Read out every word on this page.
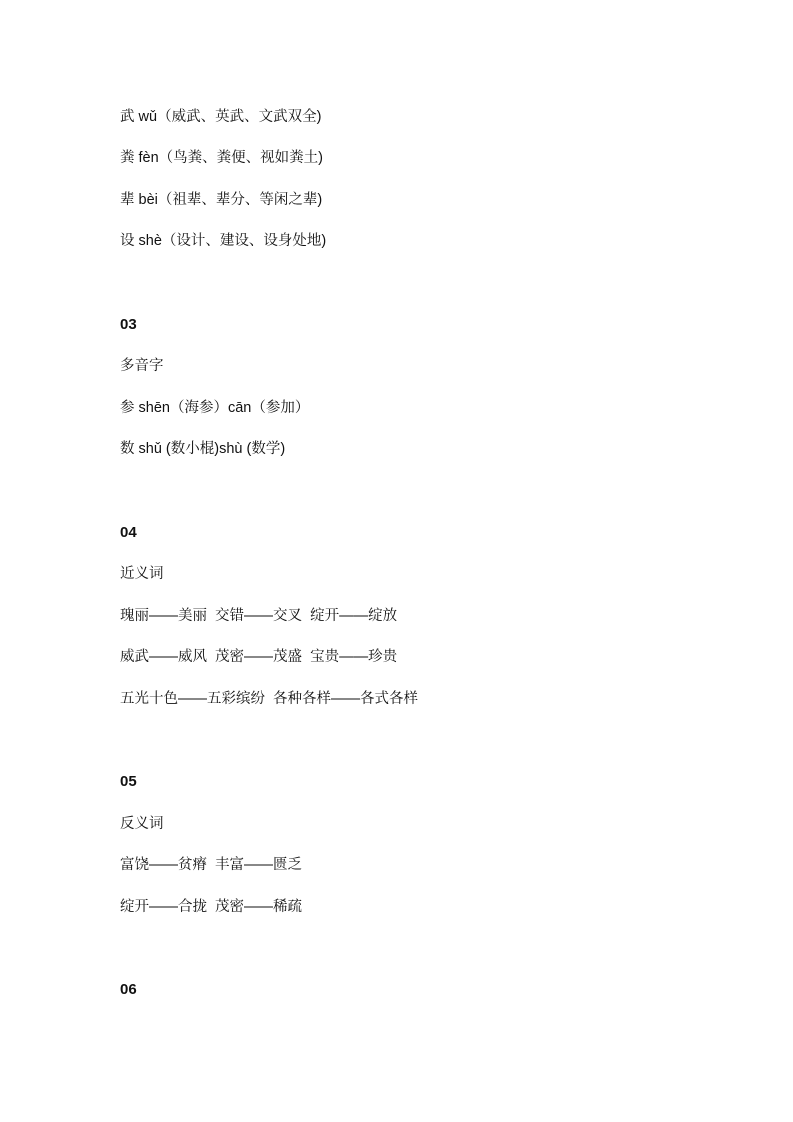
武 wǔ（威武、英武、文武双全)
粪 fèn（鸟粪、粪便、视如粪土)
辈 bèi（祖辈、辈分、等闲之辈)
设 shè（设计、建设、设身处地)
03
多音字
参 shēn（海参）cān（参加）
数 shǔ (数小棍)shù (数学)
04
近义词
瑰丽——美丽  交错——交叉  绽开——绽放
威武——威风  茂密——茂盛  宝贵——珍贵
五光十色——五彩缤纷  各种各样——各式各样
05
反义词
富饶——贫瘠  丰富——匮乏
绽开——合拢  茂密——稀疏
06
